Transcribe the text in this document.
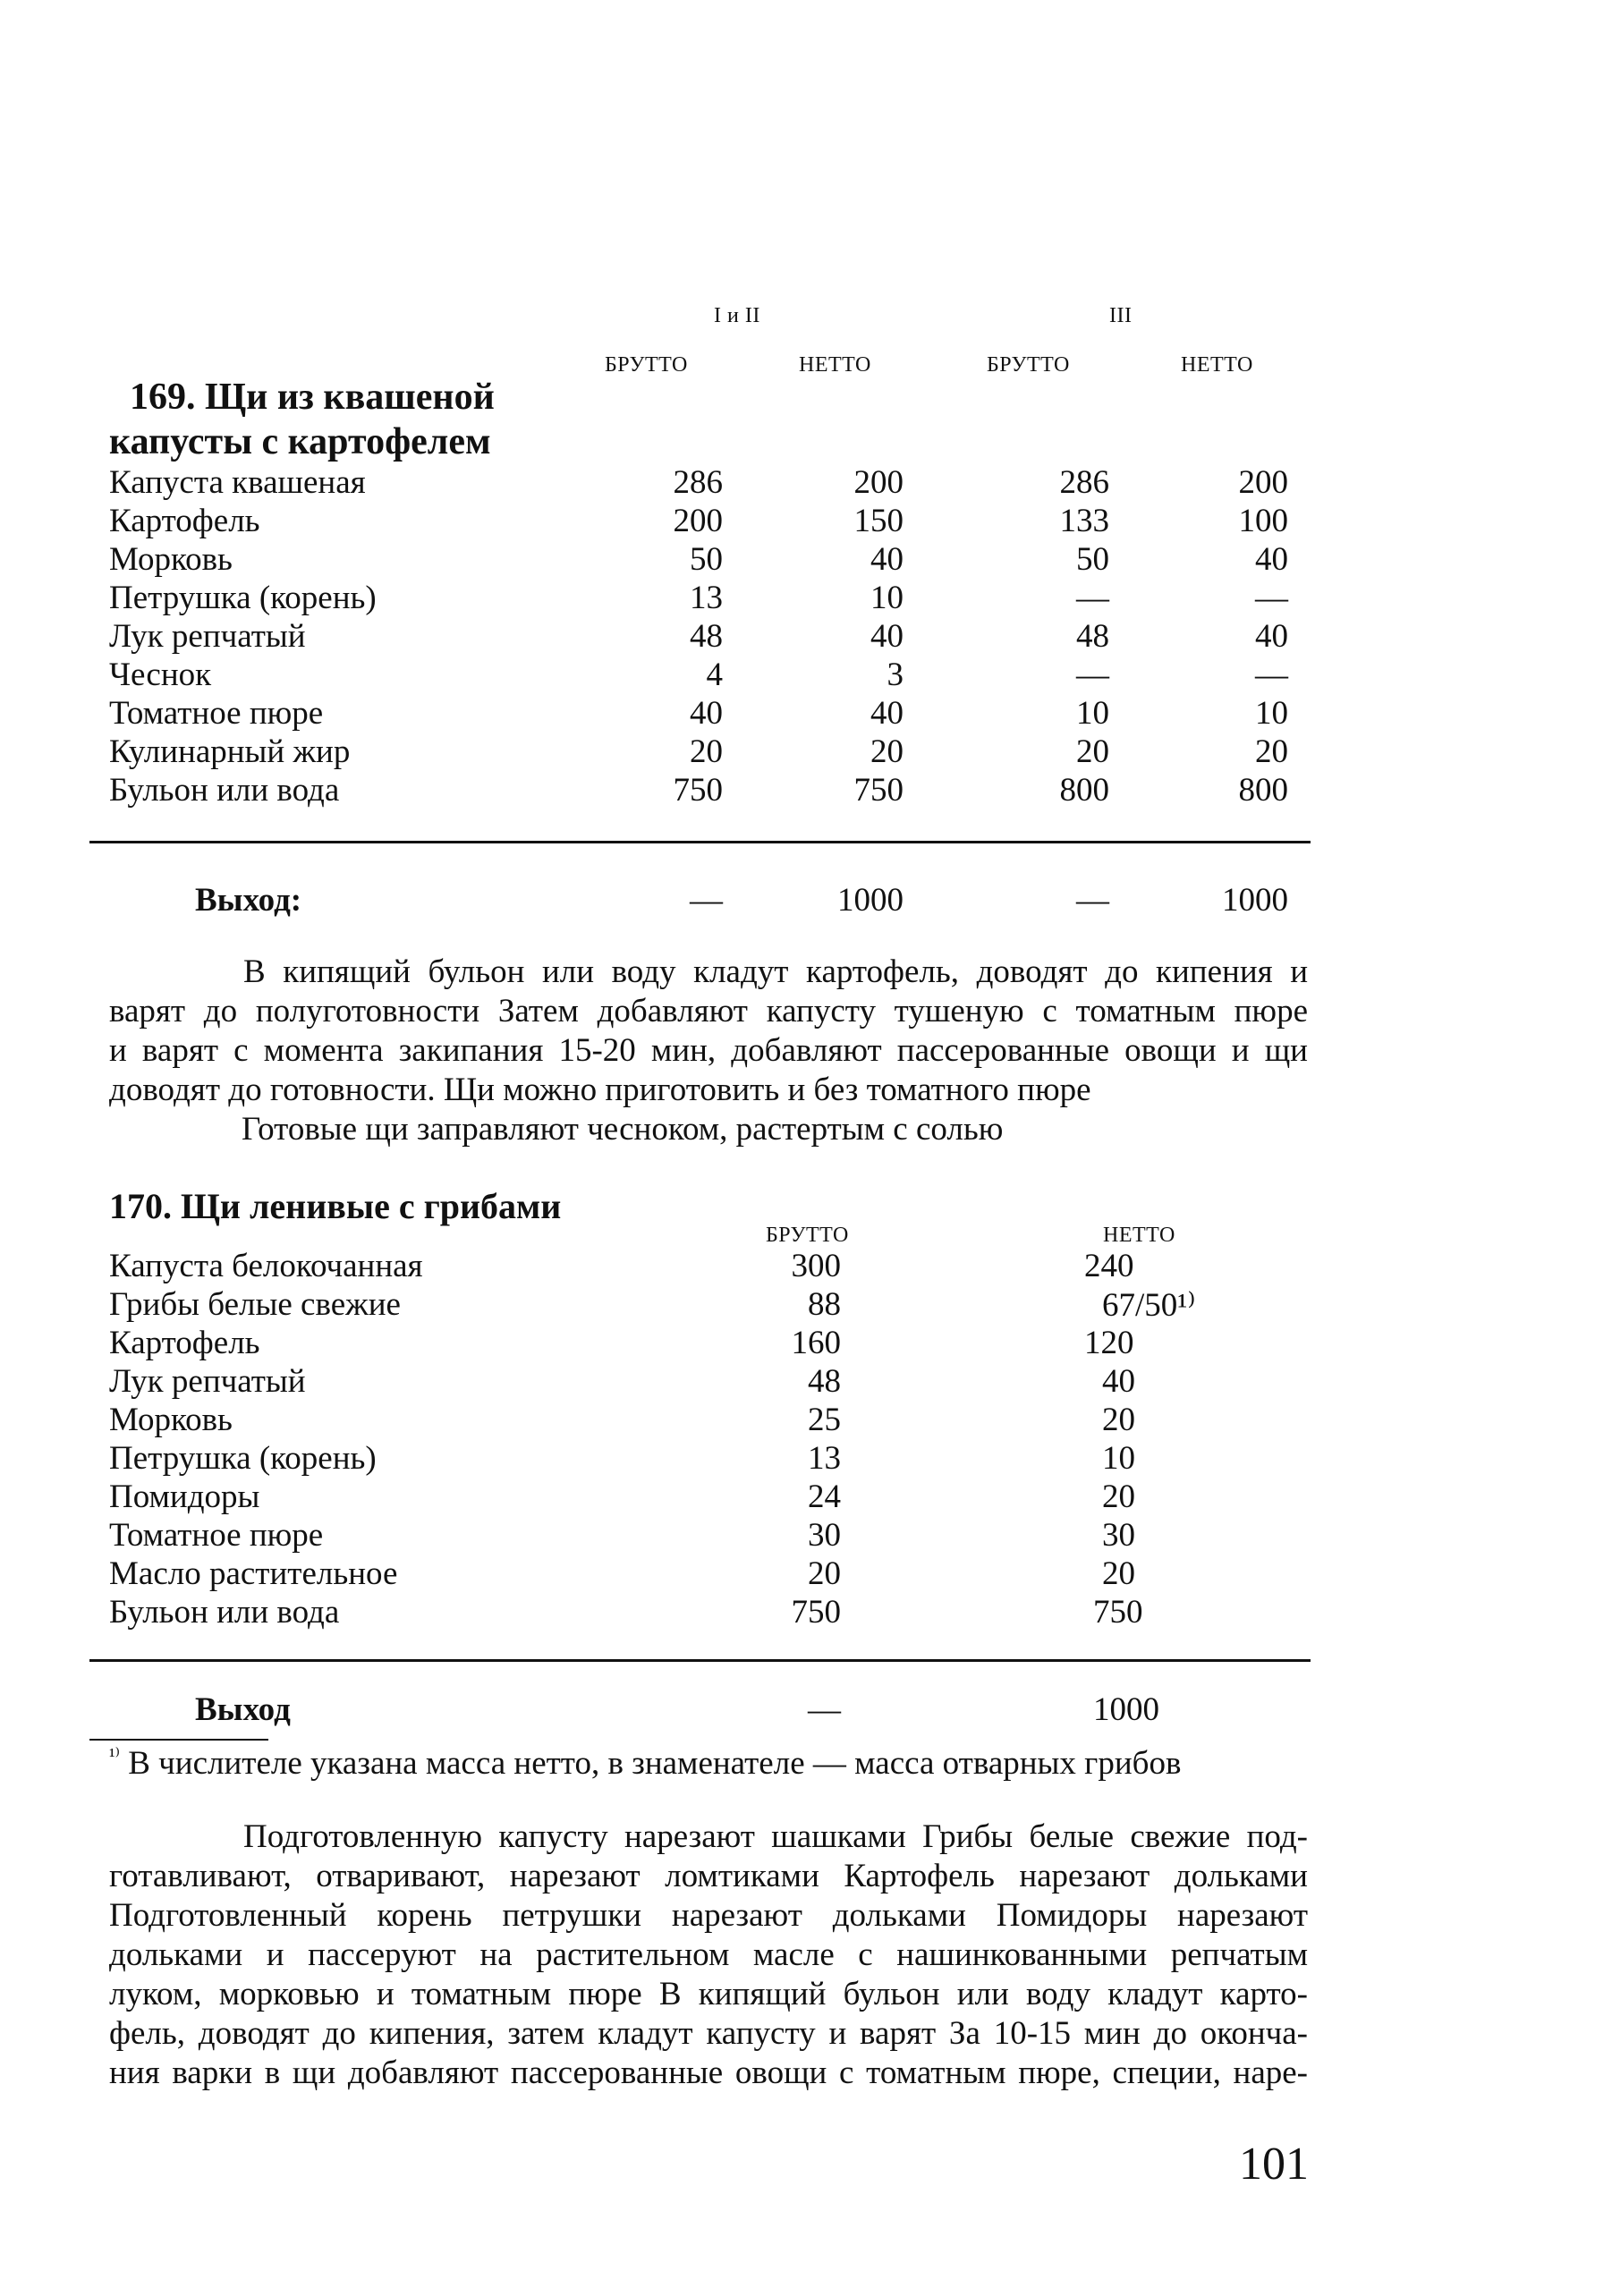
I и II	III
БРУТТО	НЕТТО	БРУТТО	НЕТТО
169. Щи из квашеной
капусты с картофелем
Капуста квашеная	286	200	286	200
Картофель	200	150	133	100
Морковь	50	40	50	40
Петрушка (корень)	13	10	—	—
Лук репчатый	48	40	48	40
Чеснок	4	3	—	—
Томатное пюре	40	40	10	10
Кулинарный жир	20	20	20	20
Бульон или вода	750	750	800	800
Выход:	—	1000	—	1000
В кипящий бульон или воду кладут картофель, доводят до кипения и
варят до полуготовности Затем добавляют капусту тушеную с томатным пюре
и варят с момента закипания 15-20 мин, добавляют пассерованные овощи и щи
доводят до готовности. Щи можно приготовить и без томатного пюре
Готовые щи заправляют чесноком, растертым с солью
170. Щи ленивые с грибами
БРУТТО	НЕТТО
Капуста белокочанная	300	240
Грибы белые свежие	88	67/50¹⁾
Картофель	160	120
Лук репчатый	48	40
Морковь	25	20
Петрушка (корень)	13	10
Помидоры	24	20
Томатное пюре	30	30
Масло растительное	20	20
Бульон или вода	750	750
Выход	—	1000
$^{^{1)}}$ В числителе указана масса нетто, в знаменателе — масса отварных грибов
Подготовленную капусту нарезают шашками Грибы белые свежие под-
готавливают, отваривают, нарезают ломтиками Картофель нарезают дольками
Подготовленный корень петрушки нарезают дольками Помидоры нарезают
дольками и пассеруют на растительном масле с нашинкованными репчатым
луком, морковью и томатным пюре В кипящий бульон или воду кладут карто-
фель, доводят до кипения, затем кладут капусту и варят За 10-15 мин до оконча-
ния варки в щи добавляют пассерованные овощи с томатным пюре, специи, наре-
101
